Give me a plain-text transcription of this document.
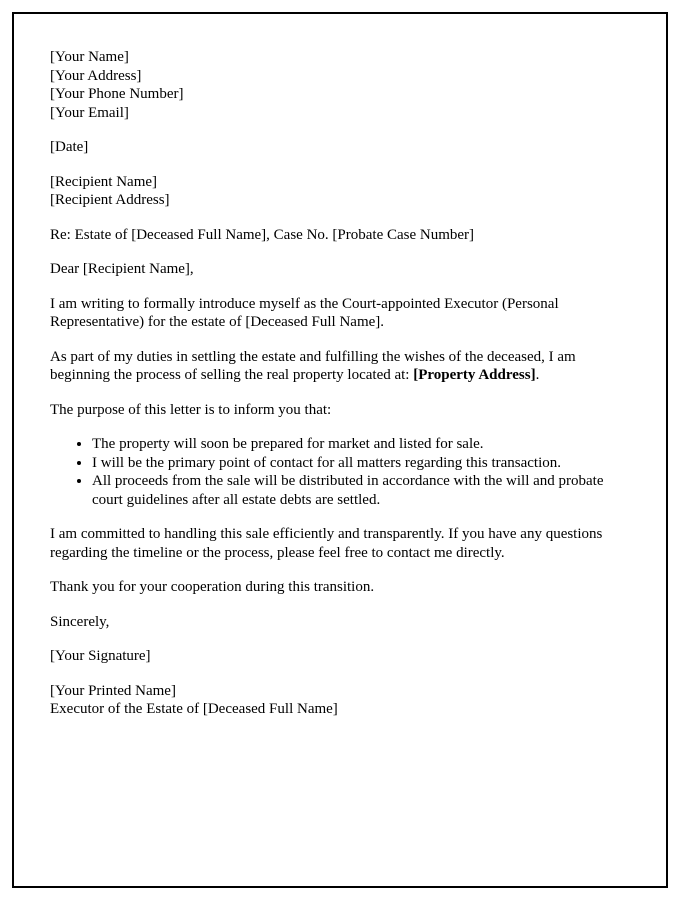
[Your Name]
[Your Address]
[Your Phone Number]
[Your Email]
[Date]
[Recipient Name]
[Recipient Address]

Re: Estate of [Deceased Full Name], Case No. [Probate Case Number]

Dear [Recipient Name],

I am writing to formally introduce myself as the Court-appointed Executor (Personal Representative) for the estate of [Deceased Full Name].

As part of my duties in settling the estate and fulfilling the wishes of the deceased, I am beginning the process of selling the real property located at: [Property Address].

The purpose of this letter is to inform you that:

• The property will soon be prepared for market and listed for sale.
• I will be the primary point of contact for all matters regarding this transaction.
• All proceeds from the sale will be distributed in accordance with the will and probate court guidelines after all estate debts are settled.

I am committed to handling this sale efficiently and transparently. If you have any questions regarding the timeline or the process, please feel free to contact me directly.

Thank you for your cooperation during this transition.

Sincerely,

[Your Signature]

[Your Printed Name]
Executor of the Estate of [Deceased Full Name]
